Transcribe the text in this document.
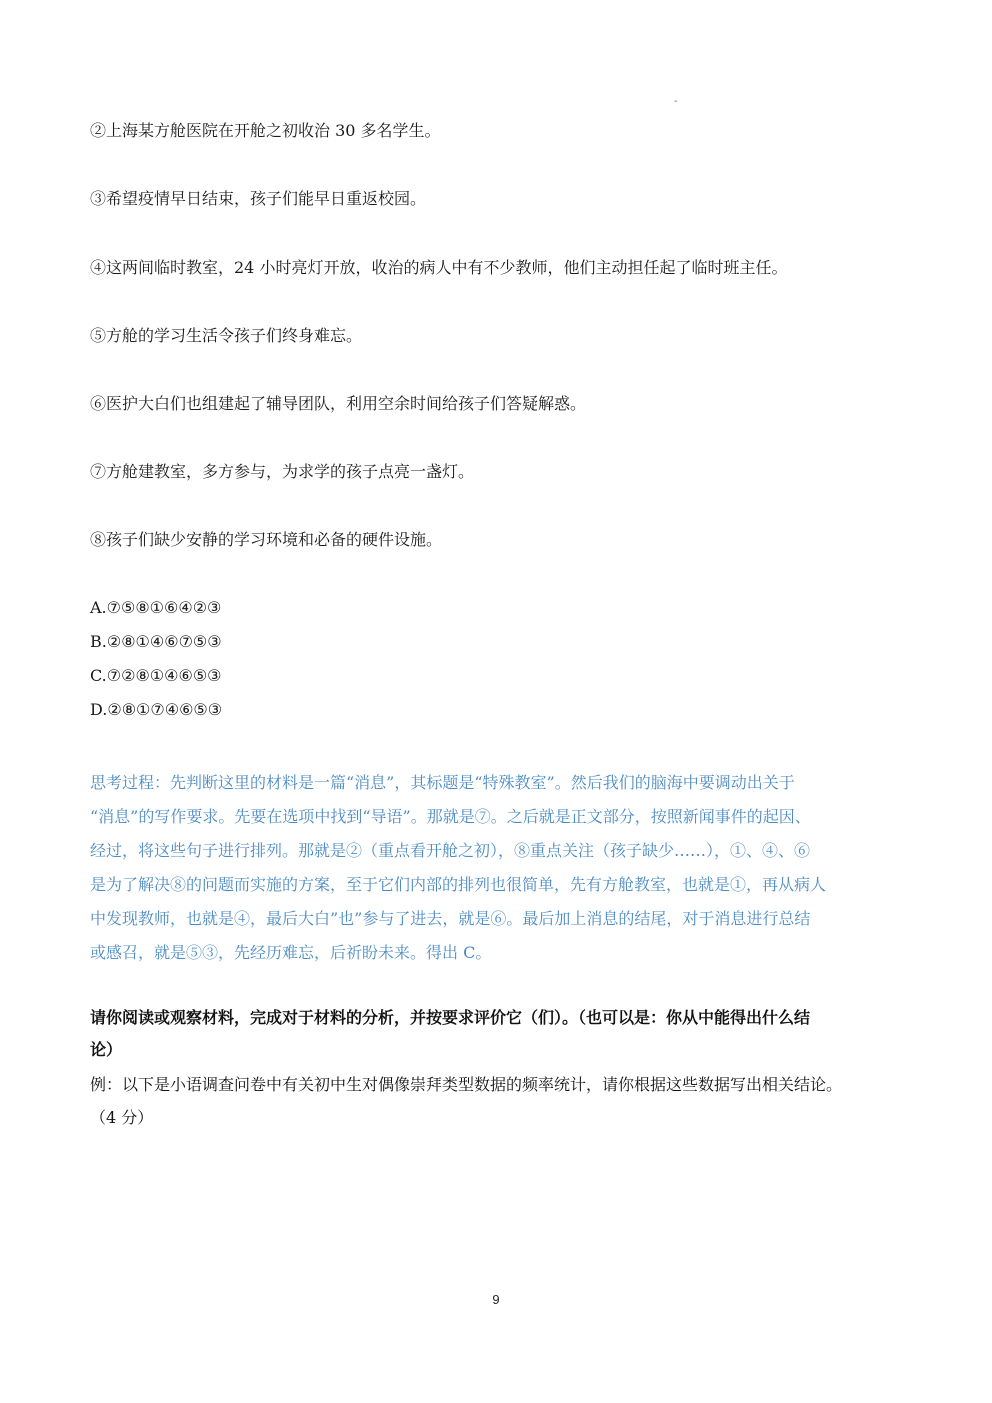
-
②上海某方舱医院在开舱之初收治 30 多名学生。
③希望疫情早日结束，孩子们能早日重返校园。
④这两间临时教室，24 小时亮灯开放，收治的病人中有不少教师，他们主动担任起了临时班主任。
⑤方舱的学习生活令孩子们终身难忘。
⑥医护大白们也组建起了辅导团队，利用空余时间给孩子们答疑解惑。
⑦方舱建教室，多方参与，为求学的孩子点亮一盏灯。
⑧孩子们缺少安静的学习环境和必备的硬件设施。
A.⑦⑤⑧①⑥④②③
B.②⑧①④⑥⑦⑤③
C.⑦②⑧①④⑥⑤③
D.②⑧①⑦④⑥⑤③
思考过程：先判断这里的材料是一篇“消息”，其标题是“特殊教室”。然后我们的脑海中要调动出关于
“消息”的写作要求。先要在选项中找到“导语”。那就是⑦。之后就是正文部分，按照新闻事件的起因、
经过，将这些句子进行排列。那就是②（重点看开舱之初），⑧重点关注（孩子缺少……），①、④、⑥
是为了解决⑧的问题而实施的方案，至于它们内部的排列也很简单，先有方舱教室，也就是①，再从病人
中发现教师，也就是④，最后大白”也”参与了进去，就是⑥。最后加上消息的结尾，对于消息进行总结
或感召，就是⑤③，先经历难忘，后祈盼未来。得出 C。
请你阅读或观察材料，完成对于材料的分析，并按要求评价它（们）。（也可以是：你从中能得出什么结
论）
例：以下是小语调查问卷中有关初中生对偶像崇拜类型数据的频率统计，请你根据这些数据写出相关结论。
（4 分）
9
